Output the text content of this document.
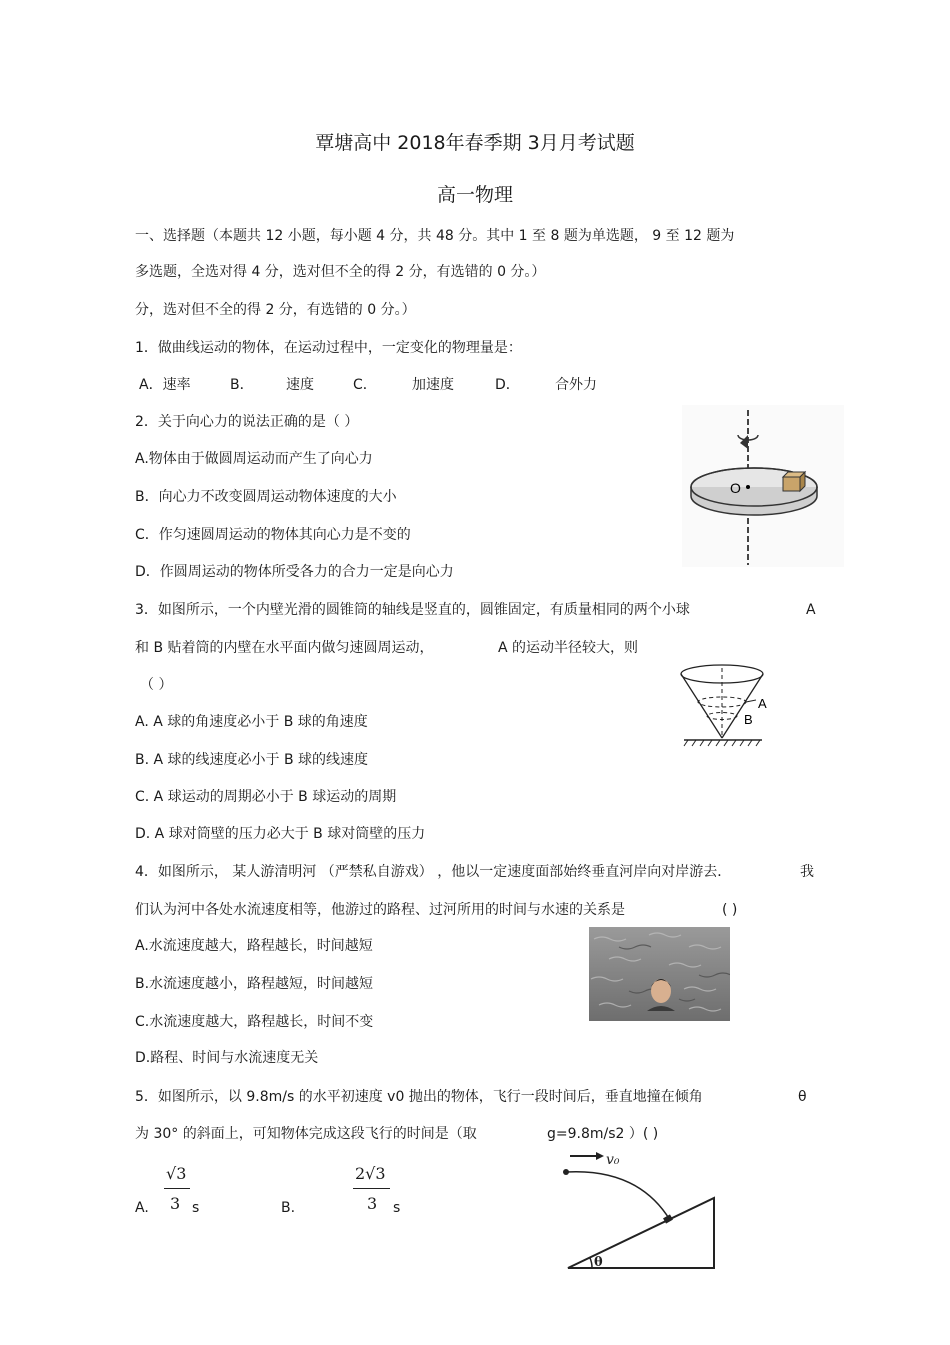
覃塘高中 2018年春季期 3月月考试题
高一物理
一、选择题（本题共 12 小题，每小题 4 分，共 48 分。其中 1 至 8 题为单选题， 9 至 12 题为
多选题，全选对得 4 分，选对但不全的得 2 分，有选错的 0 分。）
分，选对但不全的得 2 分，有选错的 0 分。）
1．做曲线运动的物体，在运动过程中，一定变化的物理量是：
A．速率	B． 速度	C．	加速度	D．	合外力
2．关于向心力的说法正确的是（ ）
A.物体由于做圆周运动而产生了向心力
B．向心力不改变圆周运动物体速度的大小
C．作匀速圆周运动的物体其向心力是不变的
D．作圆周运动的物体所受各力的合力一定是向心力
O
3．如图所示，一个内壁光滑的圆锥筒的轴线是竖直的，圆锥固定，有质量相同的两个小球	A
和 B 贴着筒的内壁在水平面内做匀速圆周运动，	A 的运动半径较大，则
（ ）
A. A 球的角速度必小于 B 球的角速度
B. A 球的线速度必小于 B 球的线速度
C. A 球运动的周期必小于 B 球运动的周期
D. A 球对筒壁的压力必大于 B 球对筒壁的压力
A
B
4．如图所示， 某人游清明河 （严禁私自游戏） ，他以一定速度面部始终垂直河岸向对岸游去．	我
们认为河中各处水流速度相等，他游过的路程、过河所用的时间与水速的关系是	( )
A.水流速度越大，路程越长，时间越短
B.水流速度越小，路程越短，时间越短
C.水流速度越大，路程越长，时间不变
D.路程、时间与水流速度无关
5．如图所示，以 9.8m/s 的水平初速度 v0 抛出的物体，飞行一段时间后，垂直地撞在倾角	θ
为 30° 的斜面上，可知物体完成这段飞行的时间是（取	g=9.8m/s2 ）( )
A.
√3
3 s	B.
2√3
3 s
v₀
θ
